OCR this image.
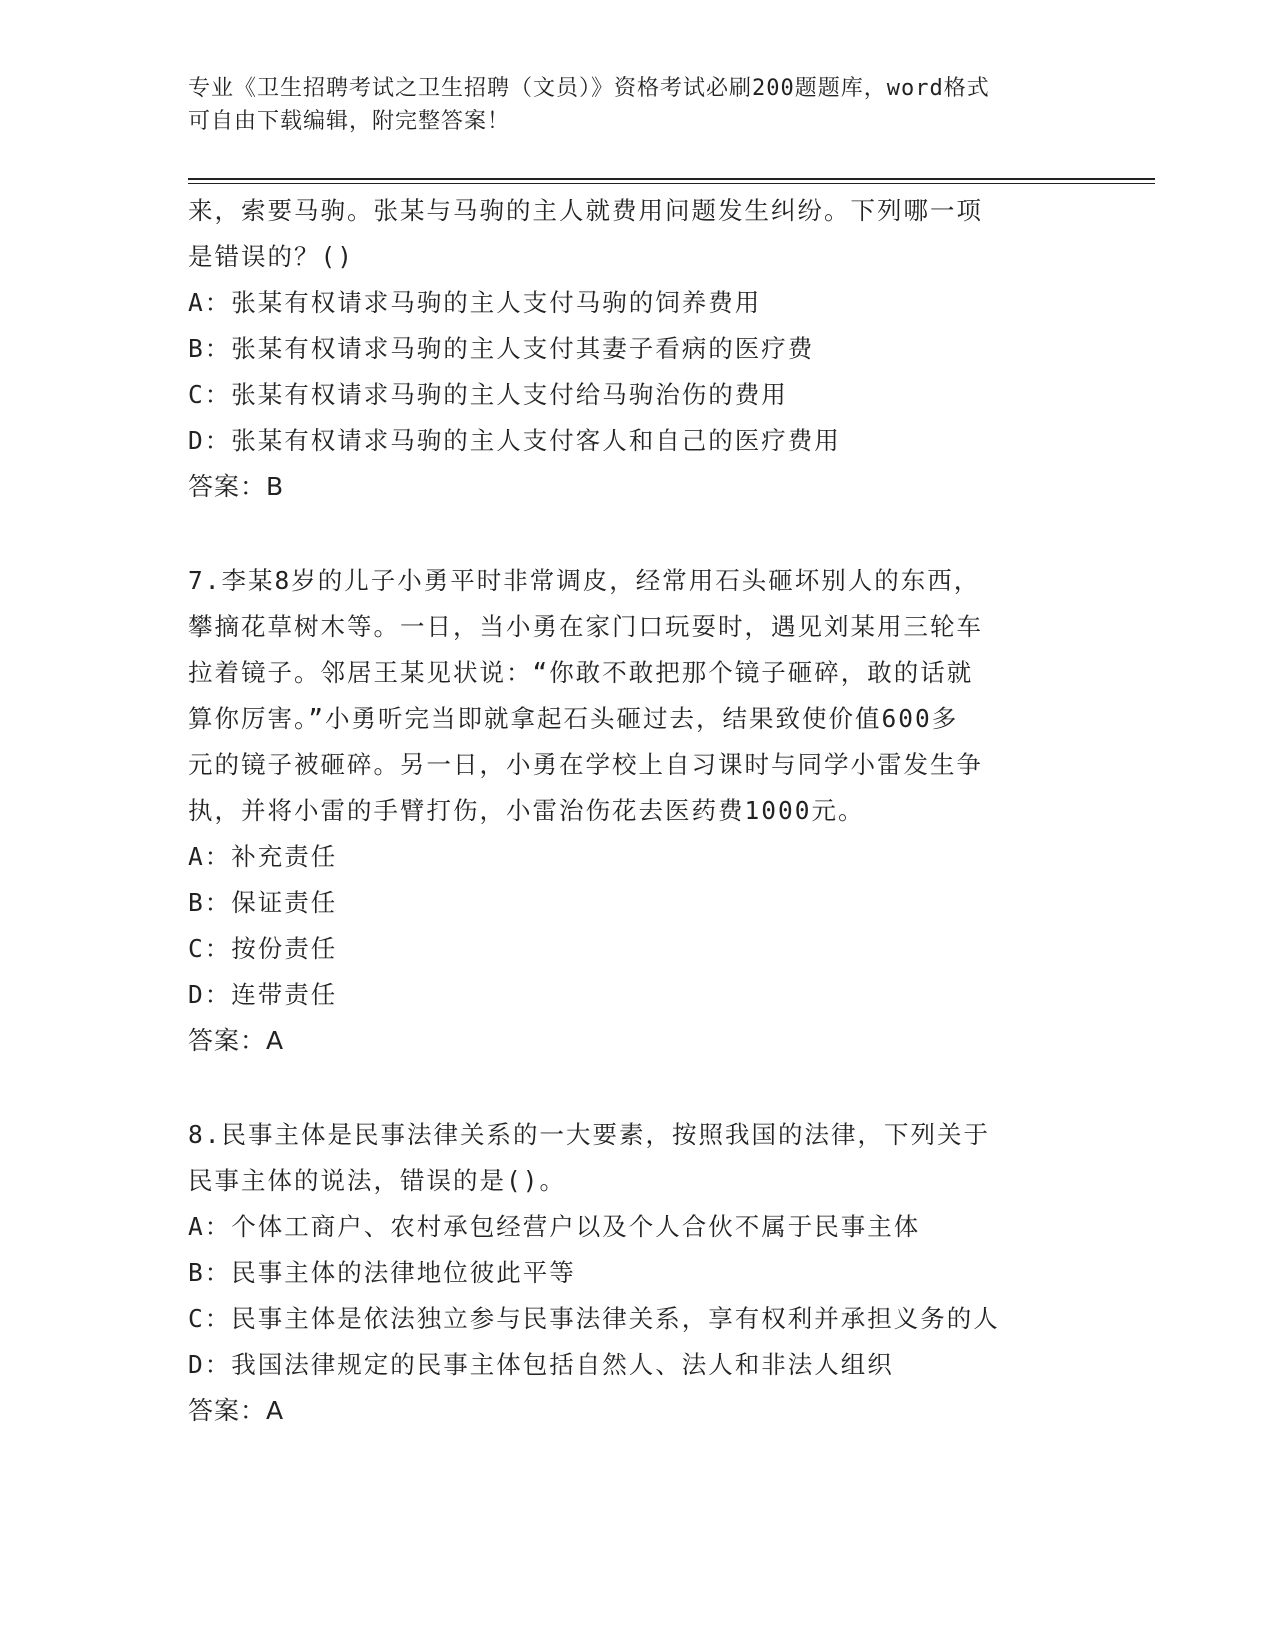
专业《卫生招聘考试之卫生招聘（文员）》资格考试必刷200题题库，word格式
可自由下载编辑，附完整答案！
来，索要马驹。张某与马驹的主人就费用问题发生纠纷。下列哪一项
是错误的？()
A：张某有权请求马驹的主人支付马驹的饲养费用
B：张某有权请求马驹的主人支付其妻子看病的医疗费
C：张某有权请求马驹的主人支付给马驹治伤的费用
D：张某有权请求马驹的主人支付客人和自己的医疗费用
答案：B
7.李某8岁的儿子小勇平时非常调皮，经常用石头砸坏别人的东西，
攀摘花草树木等。一日，当小勇在家门口玩耍时，遇见刘某用三轮车
拉着镜子。邻居王某见状说：“你敢不敢把那个镜子砸碎，敢的话就
算你厉害。”小勇听完当即就拿起石头砸过去，结果致使价值600多
元的镜子被砸碎。另一日，小勇在学校上自习课时与同学小雷发生争
执，并将小雷的手臂打伤，小雷治伤花去医药费1000元。
A：补充责任
B：保证责任
C：按份责任
D：连带责任
答案：A
8.民事主体是民事法律关系的一大要素，按照我国的法律，下列关于
民事主体的说法，错误的是()。
A：个体工商户、农村承包经营户以及个人合伙不属于民事主体
B：民事主体的法律地位彼此平等
C：民事主体是依法独立参与民事法律关系，享有权利并承担义务的人
D：我国法律规定的民事主体包括自然人、法人和非法人组织
答案：A
